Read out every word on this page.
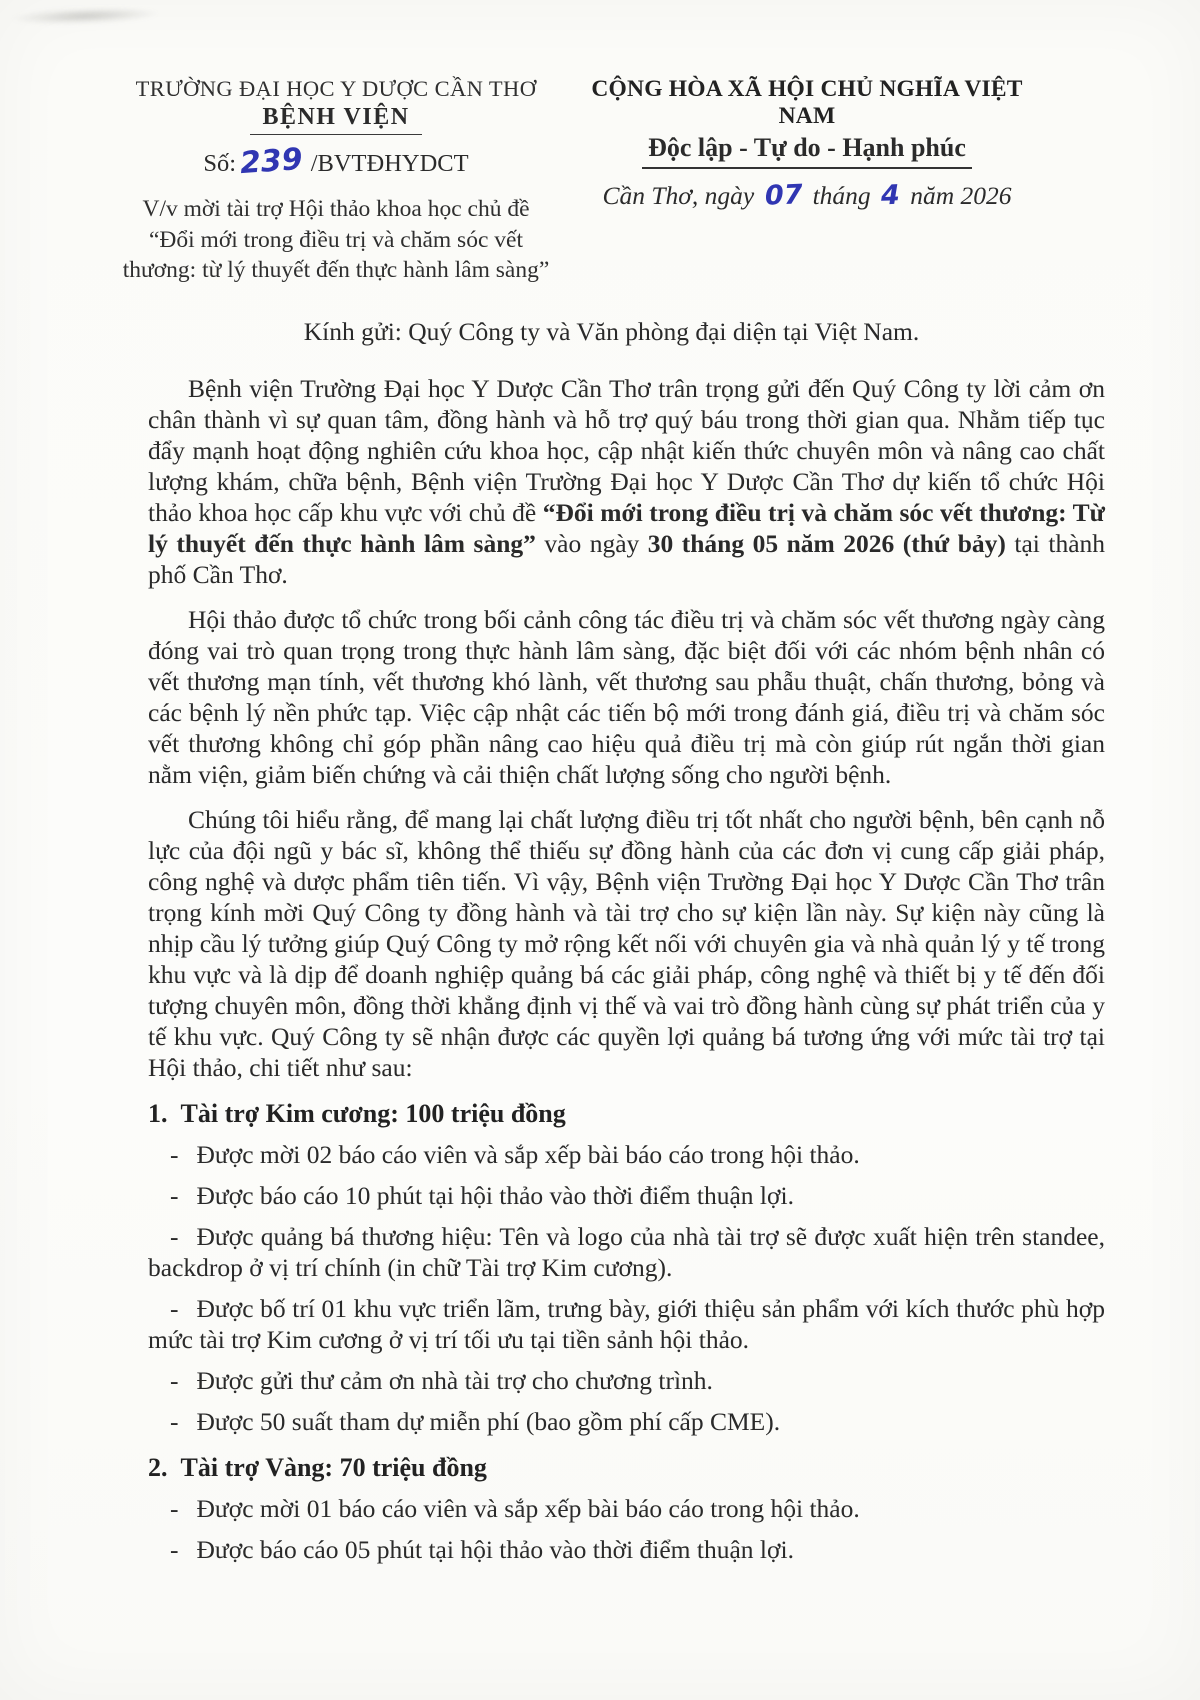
TRƯỜNG ĐẠI HỌC Y DƯỢC CẦN THƠ
BỆNH VIỆN
Số:239 /BVTĐHYDCT
V/v mời tài trợ Hội thảo khoa học chủ đề
“Đổi mới trong điều trị và chăm sóc vết
thương: từ lý thuyết đến thực hành lâm sàng”
CỘNG HÒA XÃ HỘI CHỦ NGHĨA VIỆT NAM
Độc lập - Tự do - Hạnh phúc
Cần Thơ, ngày 07 tháng 4 năm 2026
Kính gửi: Quý Công ty và Văn phòng đại diện tại Việt Nam.

Bệnh viện Trường Đại học Y Dược Cần Thơ trân trọng gửi đến Quý Công ty lời cảm ơn chân thành vì sự quan tâm, đồng hành và hỗ trợ quý báu trong thời gian qua. Nhằm tiếp tục đẩy mạnh hoạt động nghiên cứu khoa học, cập nhật kiến thức chuyên môn và nâng cao chất lượng khám, chữa bệnh, Bệnh viện Trường Đại học Y Dược Cần Thơ dự kiến tổ chức Hội thảo khoa học cấp khu vực với chủ đề “Đổi mới trong điều trị và chăm sóc vết thương: Từ lý thuyết đến thực hành lâm sàng” vào ngày 30 tháng 05 năm 2026 (thứ bảy) tại thành phố Cần Thơ.

Hội thảo được tổ chức trong bối cảnh công tác điều trị và chăm sóc vết thương ngày càng đóng vai trò quan trọng trong thực hành lâm sàng, đặc biệt đối với các nhóm bệnh nhân có vết thương mạn tính, vết thương khó lành, vết thương sau phẫu thuật, chấn thương, bỏng và các bệnh lý nền phức tạp. Việc cập nhật các tiến bộ mới trong đánh giá, điều trị và chăm sóc vết thương không chỉ góp phần nâng cao hiệu quả điều trị mà còn giúp rút ngắn thời gian nằm viện, giảm biến chứng và cải thiện chất lượng sống cho người bệnh.

Chúng tôi hiểu rằng, để mang lại chất lượng điều trị tốt nhất cho người bệnh, bên cạnh nỗ lực của đội ngũ y bác sĩ, không thể thiếu sự đồng hành của các đơn vị cung cấp giải pháp, công nghệ và dược phẩm tiên tiến. Vì vậy, Bệnh viện Trường Đại học Y Dược Cần Thơ trân trọng kính mời Quý Công ty đồng hành và tài trợ cho sự kiện lần này. Sự kiện này cũng là nhịp cầu lý tưởng giúp Quý Công ty mở rộng kết nối với chuyên gia và nhà quản lý y tế trong khu vực và là dịp để doanh nghiệp quảng bá các giải pháp, công nghệ và thiết bị y tế đến đối tượng chuyên môn, đồng thời khẳng định vị thế và vai trò đồng hành cùng sự phát triển của y tế khu vực. Quý Công ty sẽ nhận được các quyền lợi quảng bá tương ứng với mức tài trợ tại Hội thảo, chi tiết như sau:

1. Tài trợ Kim cương: 100 triệu đồng
- Được mời 02 báo cáo viên và sắp xếp bài báo cáo trong hội thảo.
- Được báo cáo 10 phút tại hội thảo vào thời điểm thuận lợi.
- Được quảng bá thương hiệu: Tên và logo của nhà tài trợ sẽ được xuất hiện trên standee, backdrop ở vị trí chính (in chữ Tài trợ Kim cương).
- Được bố trí 01 khu vực triển lãm, trưng bày, giới thiệu sản phẩm với kích thước phù hợp mức tài trợ Kim cương ở vị trí tối ưu tại tiền sảnh hội thảo.
- Được gửi thư cảm ơn nhà tài trợ cho chương trình.
- Được 50 suất tham dự miễn phí (bao gồm phí cấp CME).
2. Tài trợ Vàng: 70 triệu đồng
- Được mời 01 báo cáo viên và sắp xếp bài báo cáo trong hội thảo.
- Được báo cáo 05 phút tại hội thảo vào thời điểm thuận lợi.
